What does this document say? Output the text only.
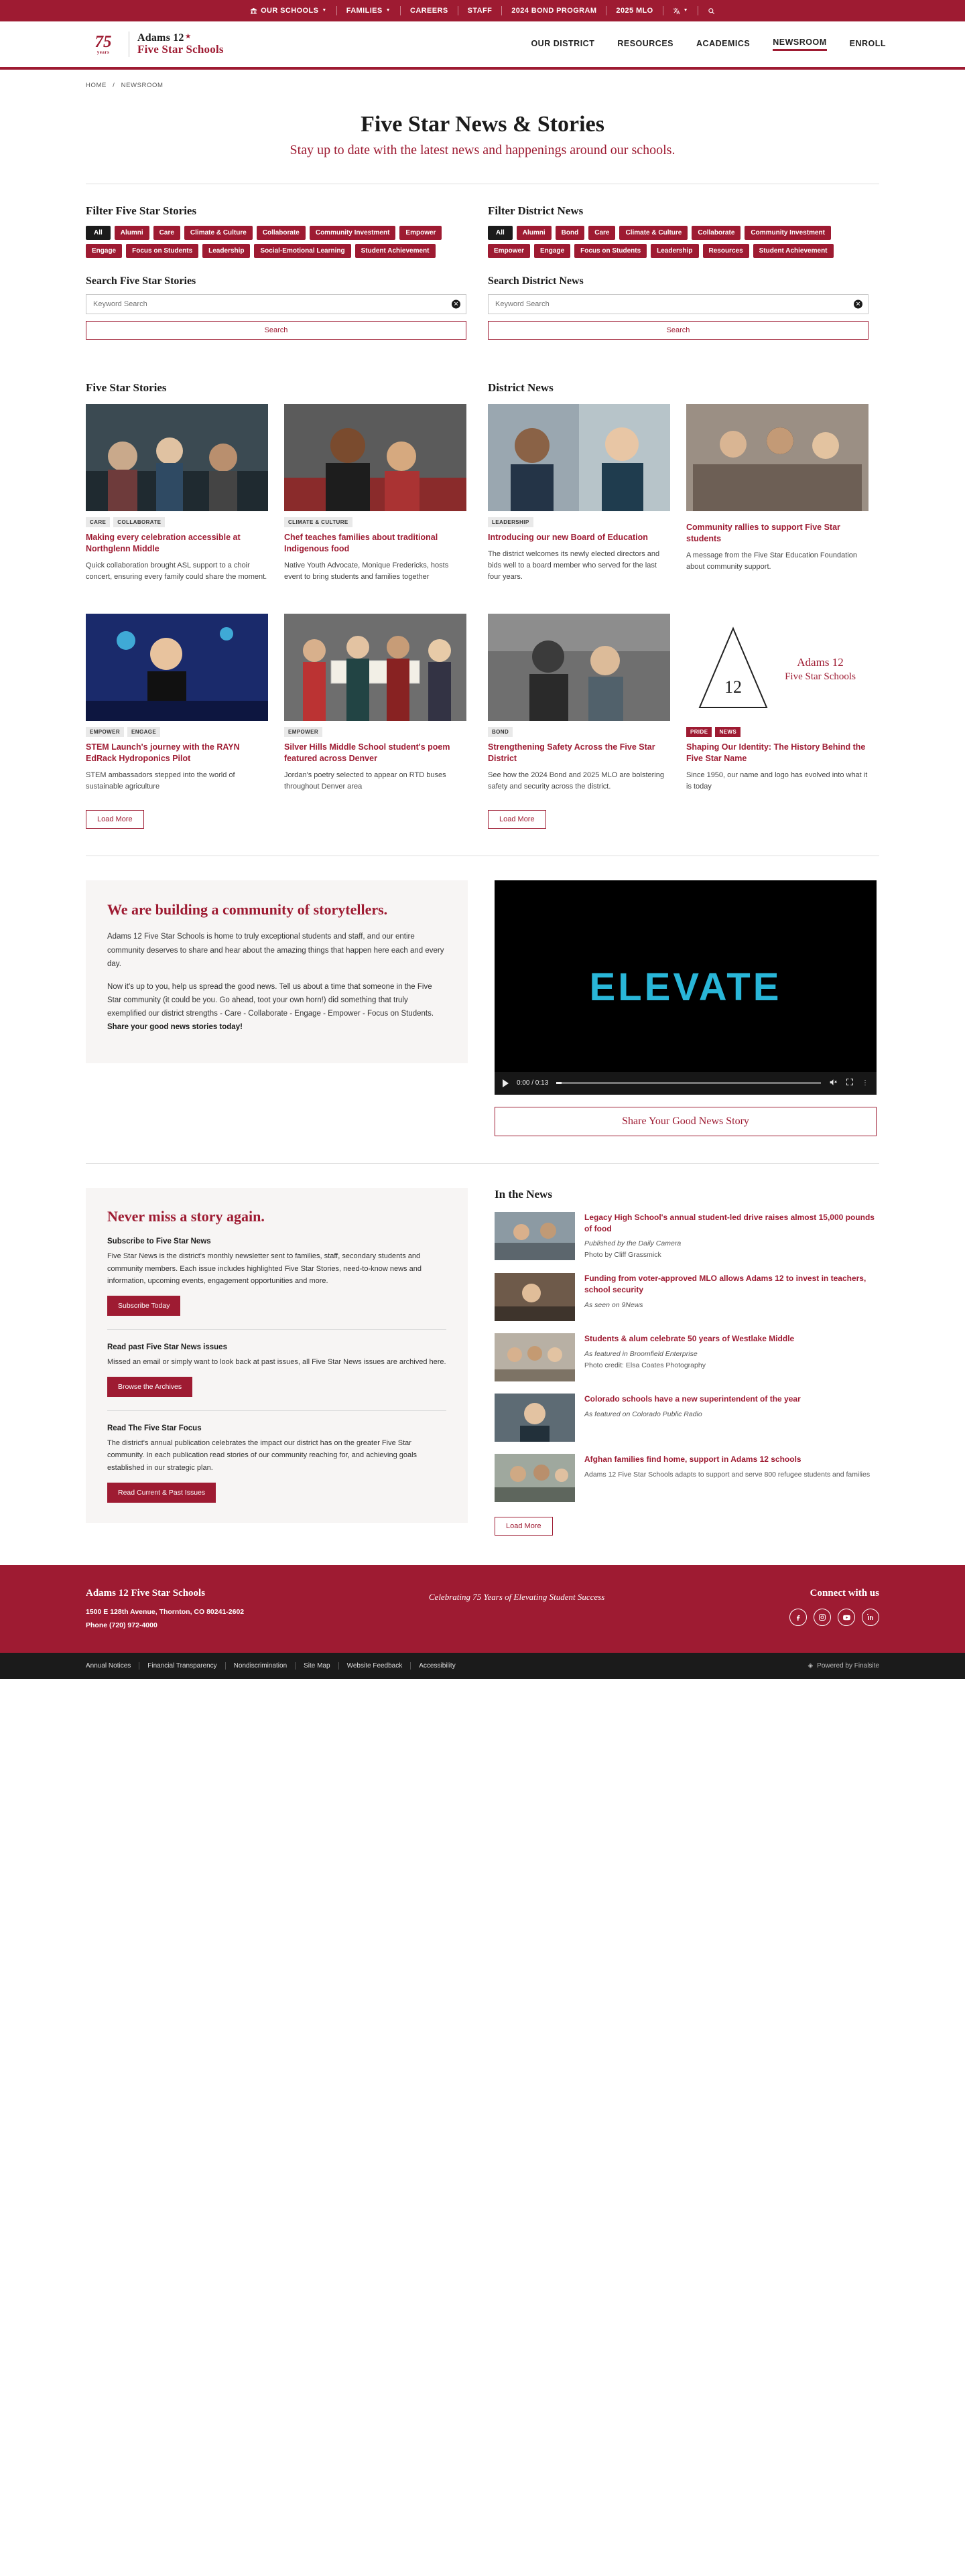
OUR SCHOOLS ▼	FAMILIES ▼	CAREERS	STAFF	2024 BOND PROGRAM	2025 MLO	▼
75
years
Adams 12 ★
Five Star Schools	OUR DISTRICT	RESOURCES	ACADEMICS	NEWSROOM	ENROLL
HOME / NEWSROOM
Five Star News & Stories

Stay up to date with the latest news and happenings around our schools.

Filter Five Star Stories
All	Alumni	Care	Climate & Culture	Collaborate	Community Investment	Empower
Engage	Focus on Students	Leadership	Social-Emotional Learning	Student Achievement
Search Five Star Stories
Keyword Search
✕
Search
Filter District News
All	Alumni	Bond	Care	Climate & Culture	Collaborate	Community Investment
Empower	Engage	Focus on Students	Leadership	Resources	Student Achievement
Search District News
Keyword Search
✕
Search
Five Star Stories
CARE	COLLABORATE
Making every celebration accessible at Northglenn Middle

Quick collaboration brought ASL support to a choir concert, ensuring every family could share the moment.

CLIMATE & CULTURE
Chef teaches families about traditional Indigenous food

Native Youth Advocate, Monique Fredericks, hosts event to bring students and families together

EMPOWER	ENGAGE
STEM Launch's journey with the RAYN EdRack Hydroponics Pilot

STEM ambassadors stepped into the world of sustainable agriculture

EMPOWER
Silver Hills Middle School student's poem featured across Denver

Jordan's poetry selected to appear on RTD buses throughout Denver area

Load More
District News
LEADERSHIP
Introducing our new Board of Education

The district welcomes its newly elected directors and bids well to a board member who served for the last four years.

Community rallies to support Five Star students

A message from the Five Star Education Foundation about community support.

BOND
Strengthening Safety Across the Five Star District

See how the 2024 Bond and 2025 MLO are bolstering safety and security across the district.

12
Adams 12
Five Star Schools
PRIDE	NEWS
Shaping Our Identity: The History Behind the Five Star Name

Since 1950, our name and logo has evolved into what it is today

Load More
We are building a community of storytellers.

Adams 12 Five Star Schools is home to truly exceptional students and staff, and our entire community deserves to share and hear about the amazing things that happen here each and every day.

Now it's up to you, help us spread the good news. Tell us about a time that someone in the Five Star community (it could be you. Go ahead, toot your own horn!) did something that truly exemplified our district strengths - Care - Collaborate - Engage - Empower - Focus on Students. Share your good news stories today!

ELEVATE
0:00 / 0:13	⋮
Share Your Good News Story
Never miss a story again.
Subscribe to Five Star News

Five Star News is the district's monthly newsletter sent to families, staff, secondary students and community members. Each issue includes highlighted Five Star Stories, need-to-know news and information, upcoming events, engagement opportunities and more.

Subscribe Today
Read past Five Star News issues

Missed an email or simply want to look back at past issues, all Five Star News issues are archived here.

Browse the Archives
Read The Five Star Focus

The district's annual publication celebrates the impact our district has on the greater Five Star community. In each publication read stories of our community reaching for, and achieving goals established in our strategic plan.

Read Current & Past Issues
In the News
Legacy High School's annual student-led drive raises almost 15,000 pounds of food
Published by the Daily Camera
Photo by Cliff Grassmick
Funding from voter-approved MLO allows Adams 12 to invest in teachers, school security
As seen on 9News
Students & alum celebrate 50 years of Westlake Middle
As featured in Broomfield Enterprise
Photo credit: Elsa Coates Photography
Colorado schools have a new superintendent of the year
As featured on Colorado Public Radio
Afghan families find home, support in Adams 12 schools
Adams 12 Five Star Schools adapts to support and serve 800 refugee students and families
Load More
Adams 12 Five Star Schools

1500 E 128th Avenue, Thornton, CO 80241-2602

Phone (720) 972-4000

Celebrating 75 Years of Elevating Student Success	Connect with us
Annual Notices	Financial Transparency	Nondiscrimination	Site Map	Website Feedback	Accessibility	◈ Powered by Finalsite
